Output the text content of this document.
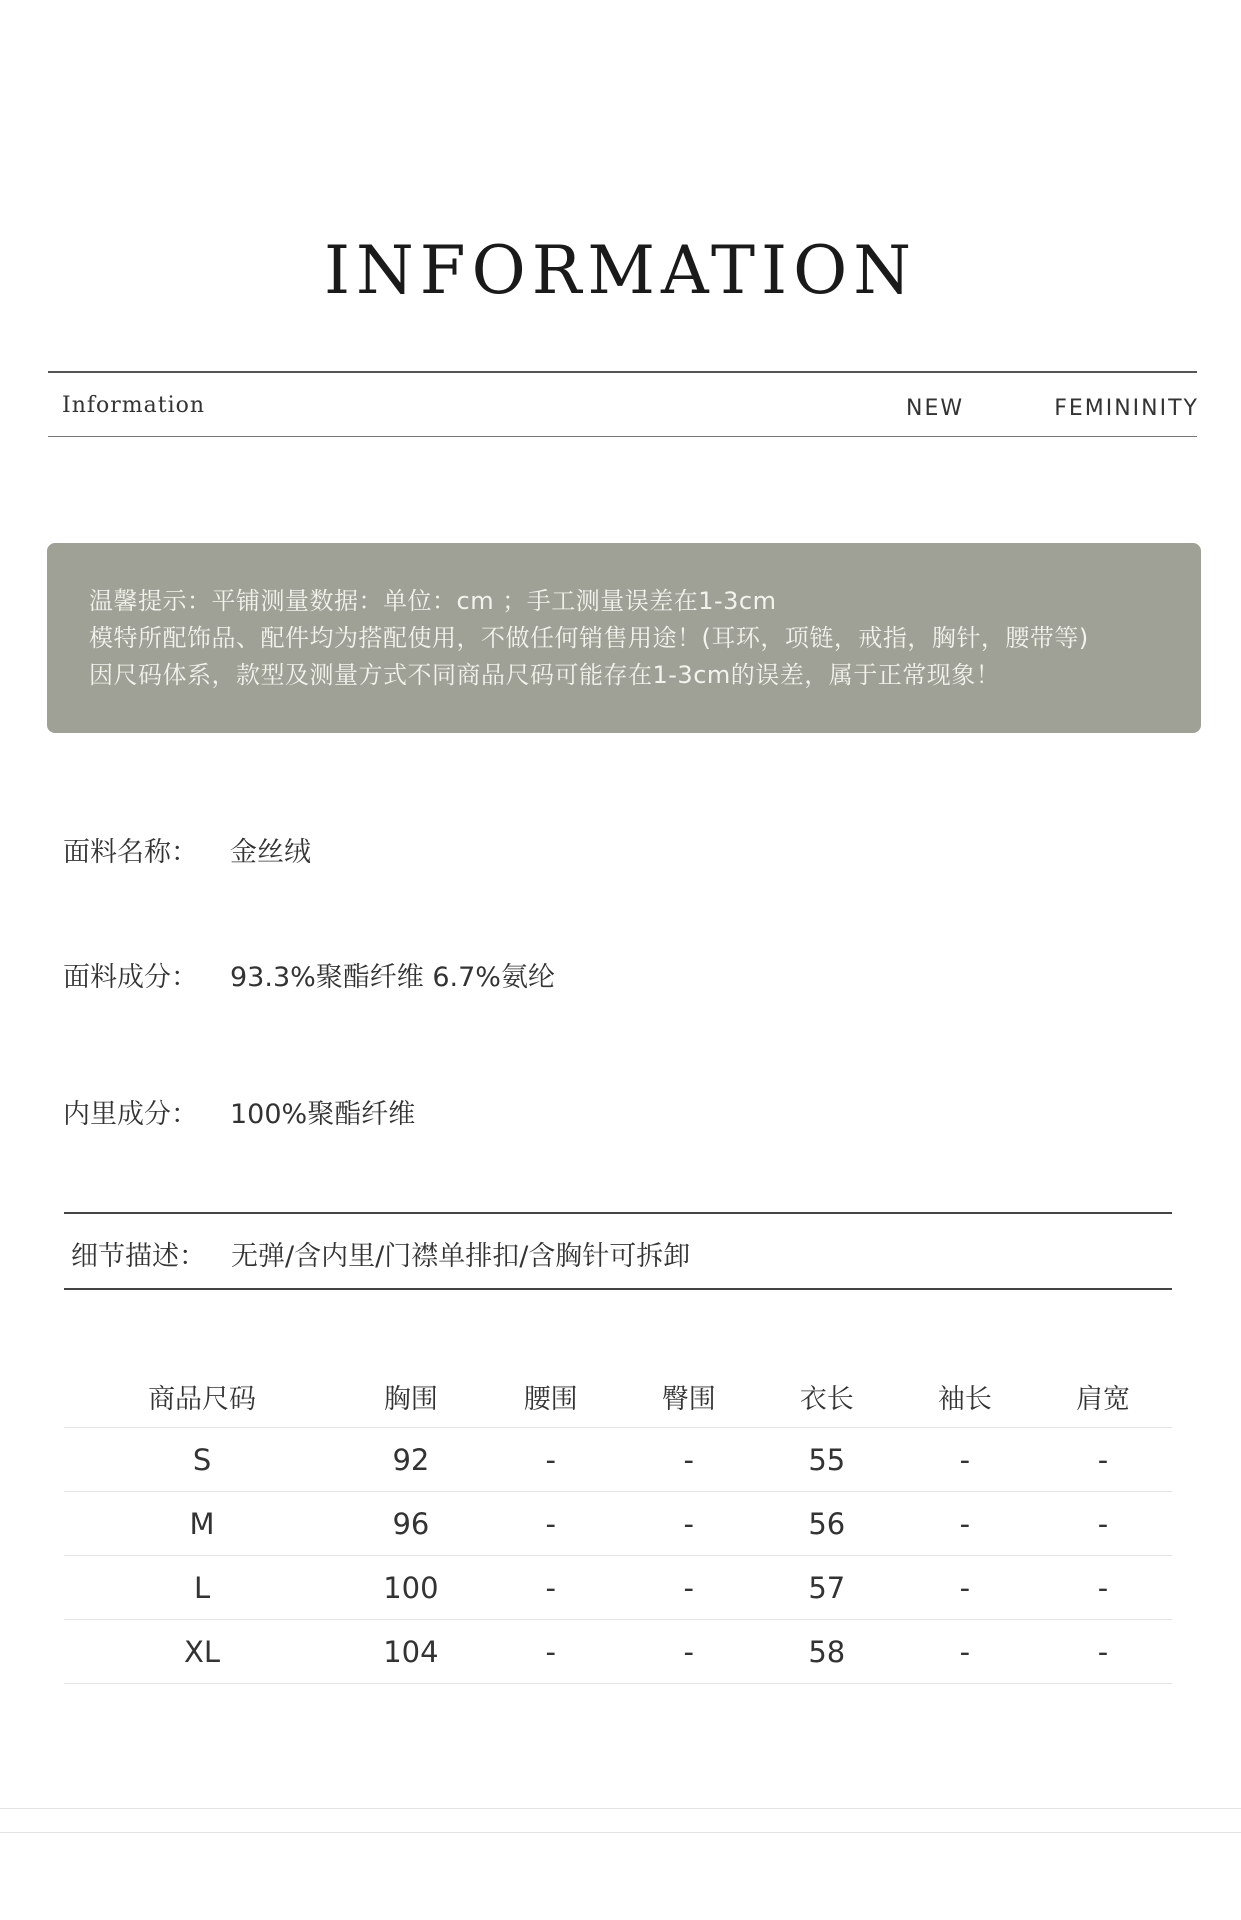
INFORMATION
Information	NEW	FEMININITY
温馨提示：平铺测量数据：单位：cm ；手工测量误差在1-3cm
模特所配饰品、配件均为搭配使用，不做任何销售用途！(耳环，项链，戒指，胸针，腰带等)
因尺码体系，款型及测量方式不同商品尺码可能存在1-3cm的误差，属于正常现象！
面料名称： 金丝绒
面料成分： 93.3%聚酯纤维 6.7%氨纶
内里成分： 100%聚酯纤维
细节描述： 无弹/含内里/门襟单排扣/含胸针可拆卸
商品尺码	胸围	腰围	臀围	衣长	袖长	肩宽
S	92	-	-	55	-	-
M	96	-	-	56	-	-
L	100	-	-	57	-	-
XL	104	-	-	58	-	-
